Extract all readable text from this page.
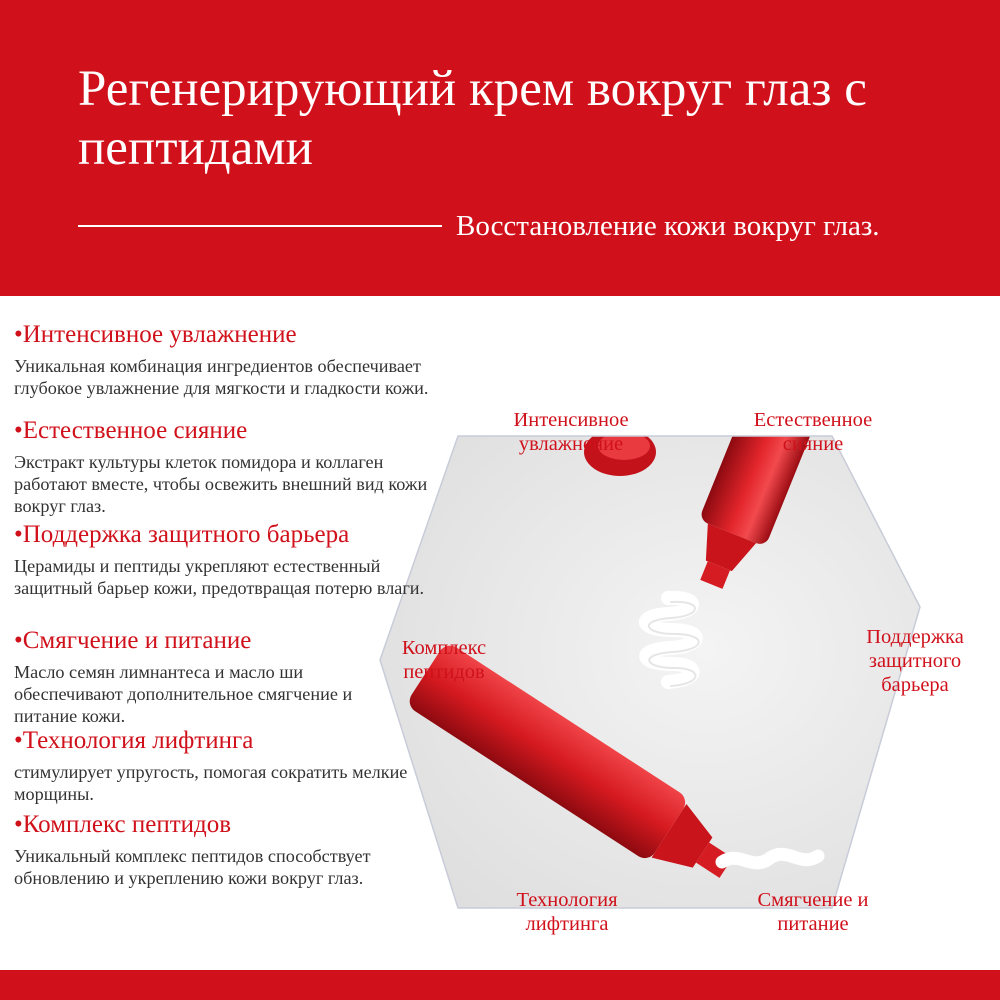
Регенерирующий крем вокруг глаз с пептидами
Восстановление кожи вокруг глаз.
Интенсивное увлажнение
Естественное сияние
Поддержка защитного барьера
Смягчение и питание
Технология лифтинга
Комплекс пептидов
•Интенсивное увлажнение
Уникальная комбинация ингредиентов обеспечивает глубокое увлажнение для мягкости и гладкости кожи.
•Естественное сияние
Экстракт культуры клеток помидора и коллаген работают вместе, чтобы освежить внешний вид кожи вокруг глаз.
•Поддержка защитного барьера
Церамиды и пептиды укрепляют естественный защитный барьер кожи, предотвращая потерю влаги.
•Смягчение и питание
Масло семян лимнантеса и масло ши обеспечивают дополнительное смягчение и питание кожи.
•Технология лифтинга
стимулирует упругость, помогая сократить мелкие морщины.
•Комплекс пептидов
Уникальный комплекс пептидов способствует обновлению и укреплению кожи вокруг глаз.
